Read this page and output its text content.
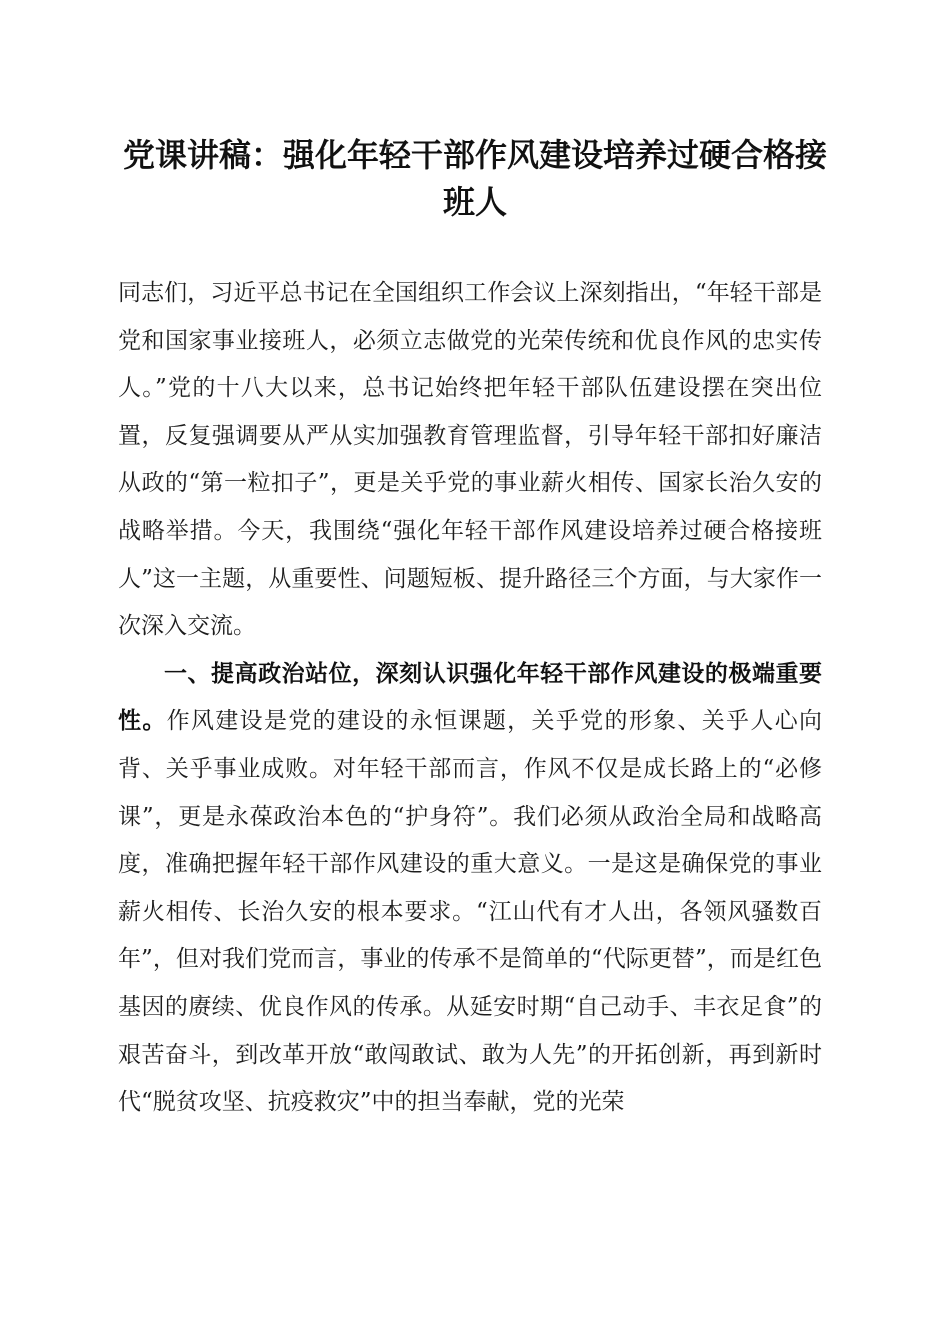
党课讲稿：强化年轻干部作风建设培养过硬合格接班人

同志们，习近平总书记在全国组织工作会议上深刻指出，“年轻干部是党和国家事业接班人，必须立志做党的光荣传统和优良作风的忠实传人。”党的十八大以来，总书记始终把年轻干部队伍建设摆在突出位置，反复强调要从严从实加强教育管理监督，引导年轻干部扣好廉洁从政的“第一粒扣子”，更是关乎党的事业薪火相传、国家长治久安的战略举措。今天，我围绕“强化年轻干部作风建设培养过硬合格接班人”这一主题，从重要性、问题短板、提升路径三个方面，与大家作一次深入交流。

一、提高政治站位，深刻认识强化年轻干部作风建设的极端重要性。作风建设是党的建设的永恒课题，关乎党的形象、关乎人心向背、关乎事业成败。对年轻干部而言，作风不仅是成长路上的“必修课”，更是永葆政治本色的“护身符”。我们必须从政治全局和战略高度，准确把握年轻干部作风建设的重大意义。一是这是确保党的事业薪火相传、长治久安的根本要求。“江山代有才人出，各领风骚数百年”，但对我们党而言，事业的传承不是简单的“代际更替”，而是红色基因的赓续、优良作风的传承。从延安时期“自己动手、丰衣足食”的艰苦奋斗，到改革开放“敢闯敢试、敢为人先”的开拓创新，再到新时代“脱贫攻坚、抗疫救灾”中的担当奉献，党的光荣
